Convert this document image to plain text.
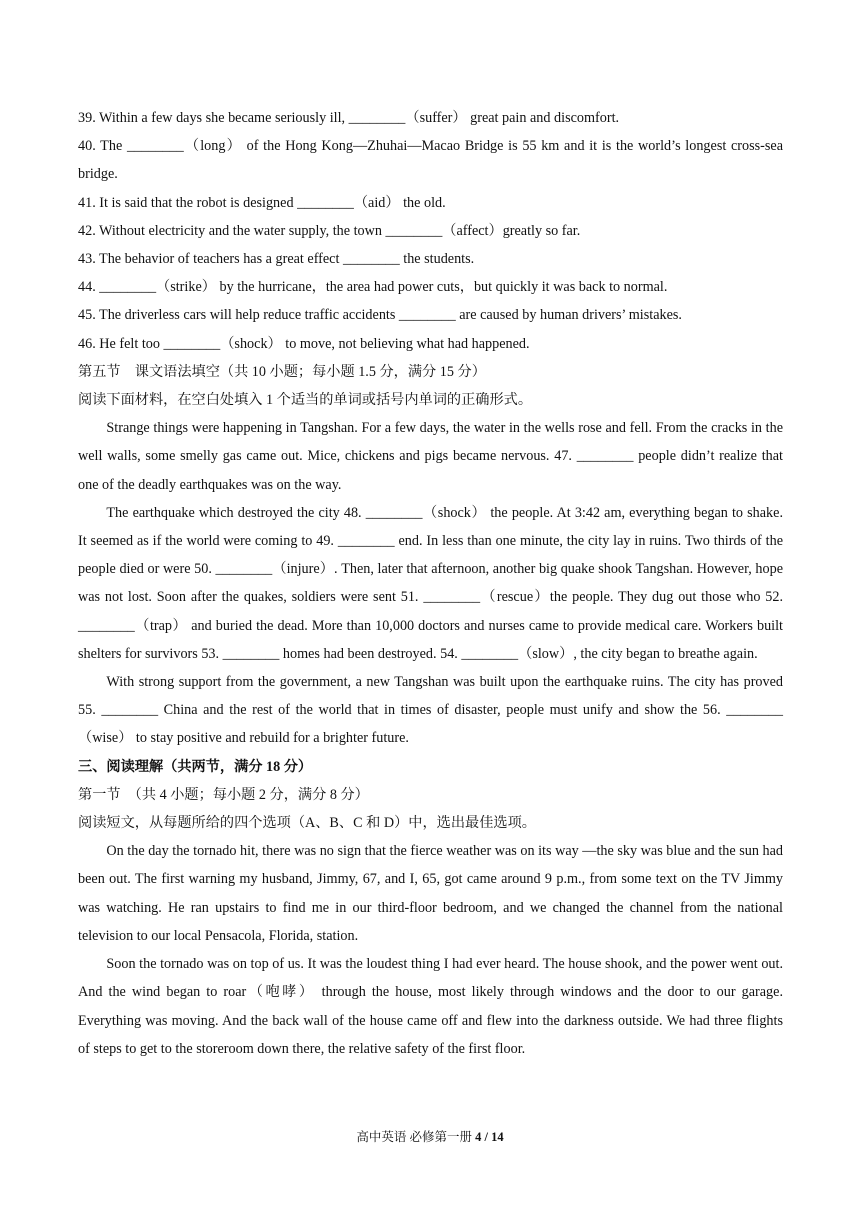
39. Within a few days she became seriously ill, ________（suffer） great pain and discomfort.

40. The ________（long） of the Hong Kong—Zhuhai—Macao Bridge is 55 km and it is the world’s longest cross-sea bridge.

41. It is said that the robot is designed ________（aid） the old.
42. Without electricity and the water supply, the town ________（affect）greatly so far.
43. The behavior of teachers has a great effect ________ the students.
44. ________（strike） by the hurricane，the area had power cuts，but quickly it was back to normal.
45. The driverless cars will help reduce traffic accidents ________ are caused by human drivers’ mistakes.
46. He felt too ________（shock） to move, not believing what had happened.
第五节　课文语法填空（共 10 小题；每小题 1.5 分，满分 15 分）
阅读下面材料，在空白处填入 1 个适当的单词或括号内单词的正确形式。

Strange things were happening in Tangshan. For a few days, the water in the wells rose and fell. From the cracks in the well walls, some smelly gas came out. Mice, chickens and pigs became nervous. 47. ________ people didn’t realize that one of the deadly earthquakes was on the way.

The earthquake which destroyed the city 48. ________（shock） the people. At 3:42 am, everything began to shake. It seemed as if the world were coming to 49. ________ end. In less than one minute, the city lay in ruins. Two thirds of the people died or were 50. ________（injure）. Then, later that afternoon, another big quake shook Tangshan. However, hope was not lost. Soon after the quakes, soldiers were sent 51. ________（rescue）the people. They dug out those who 52. ________（trap） and buried the dead. More than 10,000 doctors and nurses came to provide medical care. Workers built shelters for survivors 53. ________ homes had been destroyed. 54. ________（slow）, the city began to breathe again.

With strong support from the government, a new Tangshan was built upon the earthquake ruins. The city has proved 55. ________ China and the rest of the world that in times of disaster, people must unify and show the 56. ________（wise） to stay positive and rebuild for a brighter future.

三、阅读理解（共两节，满分 18 分）
第一节　（共 4 小题；每小题 2 分，满分 8 分）
阅读短文，从每题所给的四个选项（A、B、C 和 D）中，选出最佳选项。

On the day the tornado hit, there was no sign that the fierce weather was on its way —the sky was blue and the sun had been out. The first warning my husband, Jimmy, 67, and I, 65, got came around 9 p.m., from some text on the TV Jimmy was watching. He ran upstairs to find me in our third-floor bedroom, and we changed the channel from the national television to our local Pensacola, Florida, station.

Soon the tornado was on top of us. It was the loudest thing I had ever heard. The house shook, and the power went out. And the wind began to roar（咆哮） through the house, most likely through windows and the door to our garage. Everything was moving. And the back wall of the house came off and flew into the darkness outside. We had three flights of steps to get to the storeroom down there, the relative safety of the first floor.

高中英语 必修第一册 4 / 14
